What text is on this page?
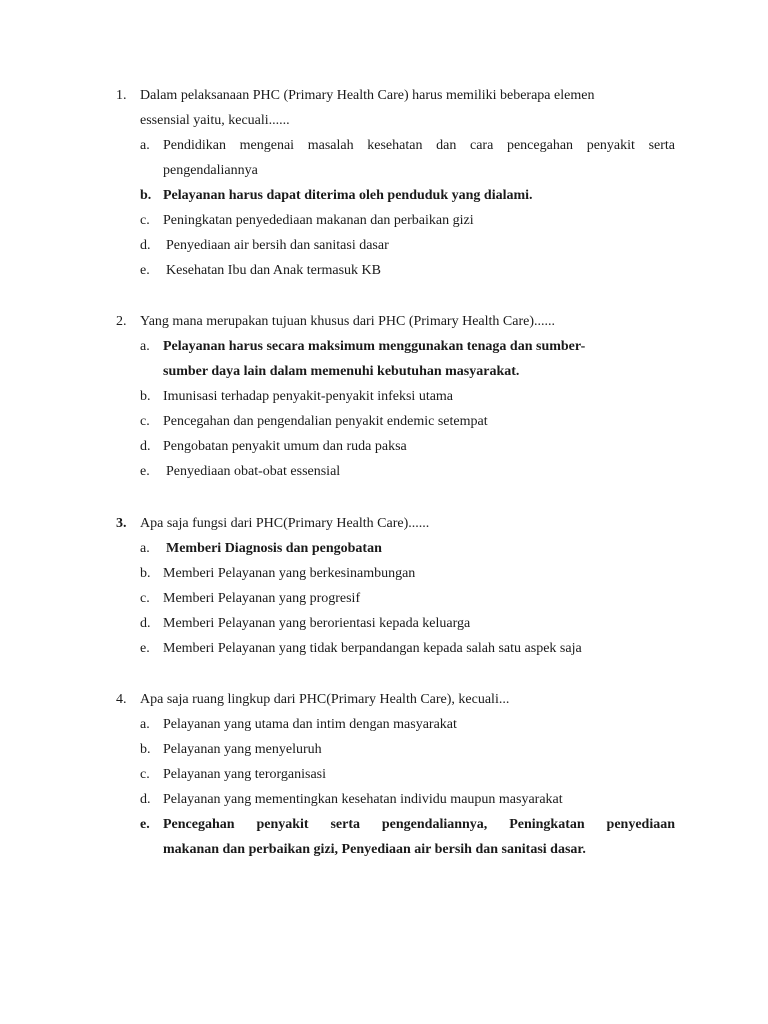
1. Dalam pelaksanaan PHC (Primary Health Care) harus memiliki beberapa elemen
essensial yaitu, kecuali......
a. Pendidikan mengenai masalah kesehatan dan cara pencegahan penyakit serta
pengendaliannya
b. Pelayanan harus dapat diterima oleh penduduk yang dialami.
c. Peningkatan penyedediaan makanan dan perbaikan gizi
d.	Penyediaan air bersih dan sanitasi dasar
e.	Kesehatan Ibu dan Anak termasuk KB
2. Yang mana merupakan tujuan khusus dari PHC (Primary Health Care)......
a. Pelayanan harus secara maksimum menggunakan tenaga dan sumber-
sumber daya lain dalam memenuhi kebutuhan masyarakat.
b. Imunisasi terhadap penyakit-penyakit infeksi utama
c. Pencegahan dan pengendalian penyakit endemic setempat
d. Pengobatan penyakit umum dan ruda paksa
e.	Penyediaan obat-obat essensial
3. Apa saja fungsi dari PHC(Primary Health Care)......
a.	Memberi Diagnosis dan pengobatan
b. Memberi Pelayanan yang berkesinambungan
c. Memberi Pelayanan yang progresif
d. Memberi Pelayanan yang berorientasi kepada keluarga
e. Memberi Pelayanan yang tidak berpandangan kepada salah satu aspek saja
4. Apa saja ruang lingkup dari PHC(Primary Health Care), kecuali...
a. Pelayanan yang utama dan intim dengan masyarakat
b. Pelayanan yang menyeluruh
c. Pelayanan yang terorganisasi
d. Pelayanan yang mementingkan kesehatan individu maupun masyarakat
e. Pencegahan penyakit serta pengendaliannya, Peningkatan penyediaan
makanan dan perbaikan gizi, Penyediaan air bersih dan sanitasi dasar.
